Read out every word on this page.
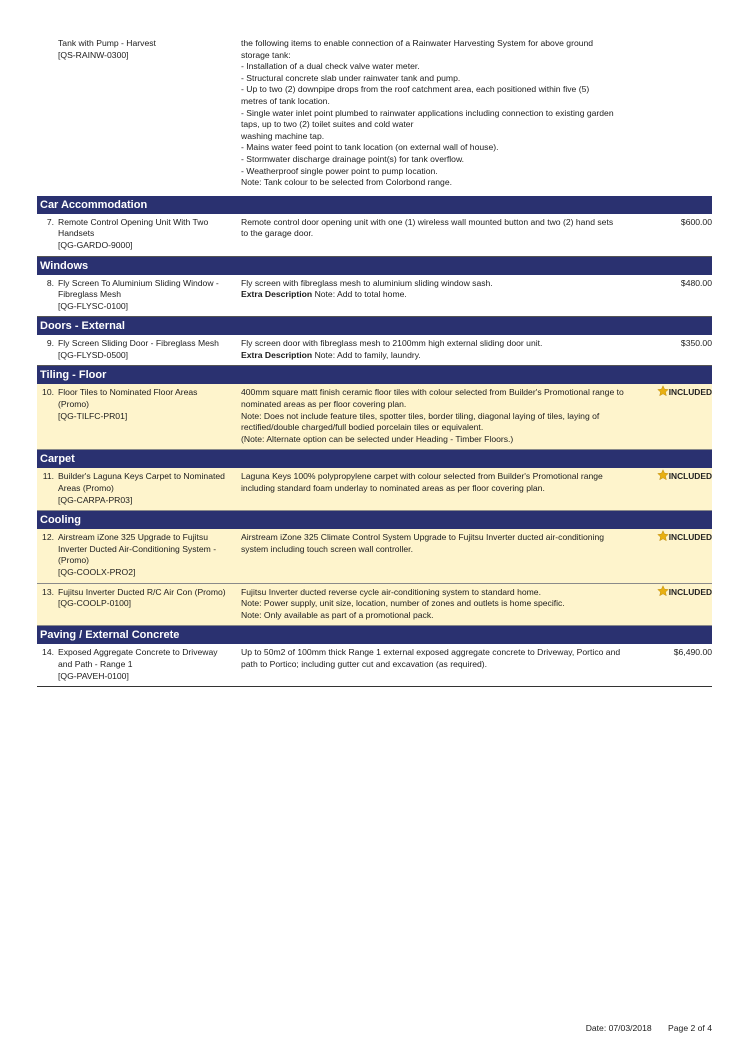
Tank with Pump - Harvest
[QS-RAINW-0300]
the following items to enable connection of a Rainwater Harvesting System for above ground
storage tank:
- Installation of a dual check valve water meter.
- Structural concrete slab under rainwater tank and pump.
- Up to two (2) downpipe drops from the roof catchment area, each positioned within five (5)
metres of tank location.
- Single water inlet point plumbed to rainwater applications including connection to existing garden
taps, up to two (2) toilet suites and cold water
washing machine tap.
- Mains water feed point to tank location (on external wall of house).
- Stormwater discharge drainage point(s) for tank overflow.
- Weatherproof single power point to pump location.
Note: Tank colour to be selected from Colorbond range.
Car Accommodation
7. Remote Control Opening Unit With Two
Handsets
[QG-GARDO-9000]
Remote control door opening unit with one (1) wireless wall mounted button and two (2) hand sets
to the garage door.
$600.00
Windows
8. Fly Screen To Aluminium Sliding Window -
Fibreglass Mesh
[QG-FLYSC-0100]
Fly screen with fibreglass mesh to aluminium sliding window sash.
Extra Description Note: Add to total home.
$480.00
Doors - External
9. Fly Screen Sliding Door - Fibreglass Mesh
[QG-FLYSD-0500]
Fly screen door with fibreglass mesh to 2100mm high external sliding door unit.
Extra Description Note: Add to family, laundry.
$350.00
Tiling - Floor
10. Floor Tiles to Nominated Floor Areas
(Promo)
[QG-TILFC-PR01]
400mm square matt finish ceramic floor tiles with colour selected from Builder's Promotional range to
nominated areas as per floor covering plan.
Note: Does not include feature tiles, spotter tiles, border tiling, diagonal laying of tiles, laying of
rectified/double charged/full bodied porcelain tiles or equivalent.
(Note: Alternate option can be selected under Heading - Timber Floors.)
INCLUDED
Carpet
11. Builder's Laguna Keys Carpet to Nominated
Areas (Promo)
[QG-CARPA-PR03]
Laguna Keys 100% polypropylene carpet with colour selected from Builder's Promotional range
including standard foam underlay to nominated areas as per floor covering plan.
INCLUDED
Cooling
12. Airstream iZone 325 Upgrade to Fujitsu
Inverter Ducted Air-Conditioning System -
(Promo)
[QG-COOLX-PRO2]
Airstream iZone 325 Climate Control System Upgrade to Fujitsu Inverter ducted air-conditioning
system including touch screen wall controller.
INCLUDED
13. Fujitsu Inverter Ducted R/C Air Con (Promo)
[QG-COOLP-0100]
Fujitsu Inverter ducted reverse cycle air-conditioning system to standard home.
Note: Power supply, unit size, location, number of zones and outlets is home specific.
Note: Only available as part of a promotional pack.
INCLUDED
Paving / External Concrete
14. Exposed Aggregate Concrete to Driveway
and Path - Range 1
[QG-PAVEH-0100]
Up to 50m2 of 100mm thick Range 1 external exposed aggregate concrete to Driveway, Portico and
path to Portico; including gutter cut and excavation (as required).
$6,490.00
Date: 07/03/2018 Page 2 of 4
